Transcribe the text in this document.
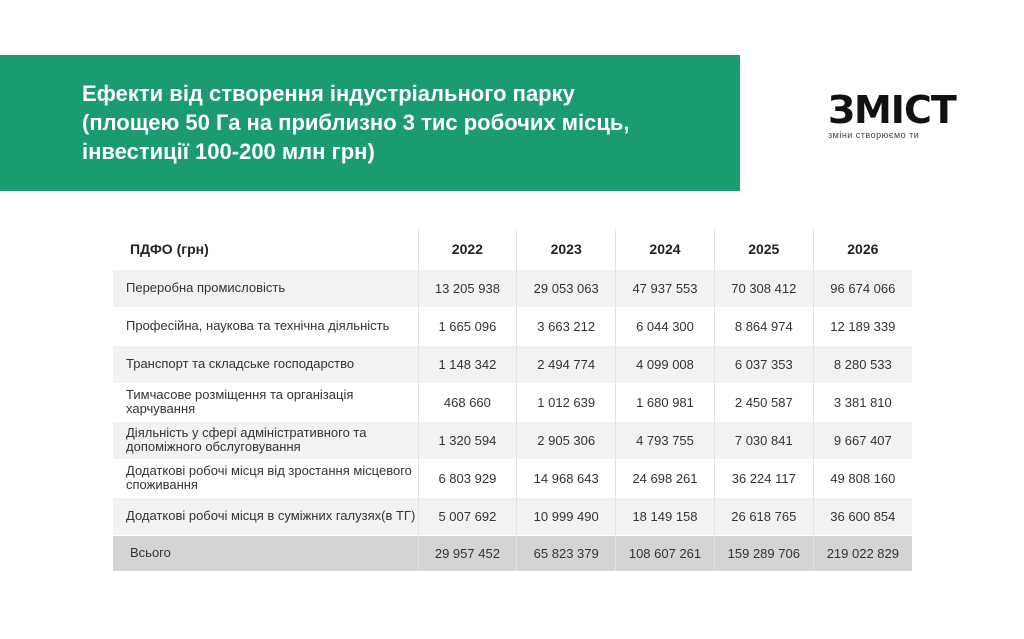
Ефекти від створення індустріального парку
(площею 50 Га на приблизно 3 тис робочих місць,
інвестиції 100-200 млн грн)
ЗМІСТ
зміни створюємо ти
ПДФО (грн)	2022	2023	2024	2025	2026
Переробна промисловість	13 205 938	29 053 063	47 937 553	70 308 412	96 674 066
Професійна, наукова та технічна діяльність	1 665 096	3 663 212	6 044 300	8 864 974	12 189 339
Транспорт та складське господарство	1 148 342	2 494 774	4 099 008	6 037 353	8 280 533
Тимчасове розміщення та організація харчування	468 660	1 012 639	1 680 981	2 450 587	3 381 810
Діяльність у сфері адміністративного та допоміжного обслуговування	1 320 594	2 905 306	4 793 755	7 030 841	9 667 407
Додаткові робочі місця від зростання місцевого споживання	6 803 929	14 968 643	24 698 261	36 224 117	49 808 160
Додаткові робочі місця в суміжних галузях(в ТГ)	5 007 692	10 999 490	18 149 158	26 618 765	36 600 854
Всього	29 957 452	65 823 379	108 607 261	159 289 706	219 022 829
